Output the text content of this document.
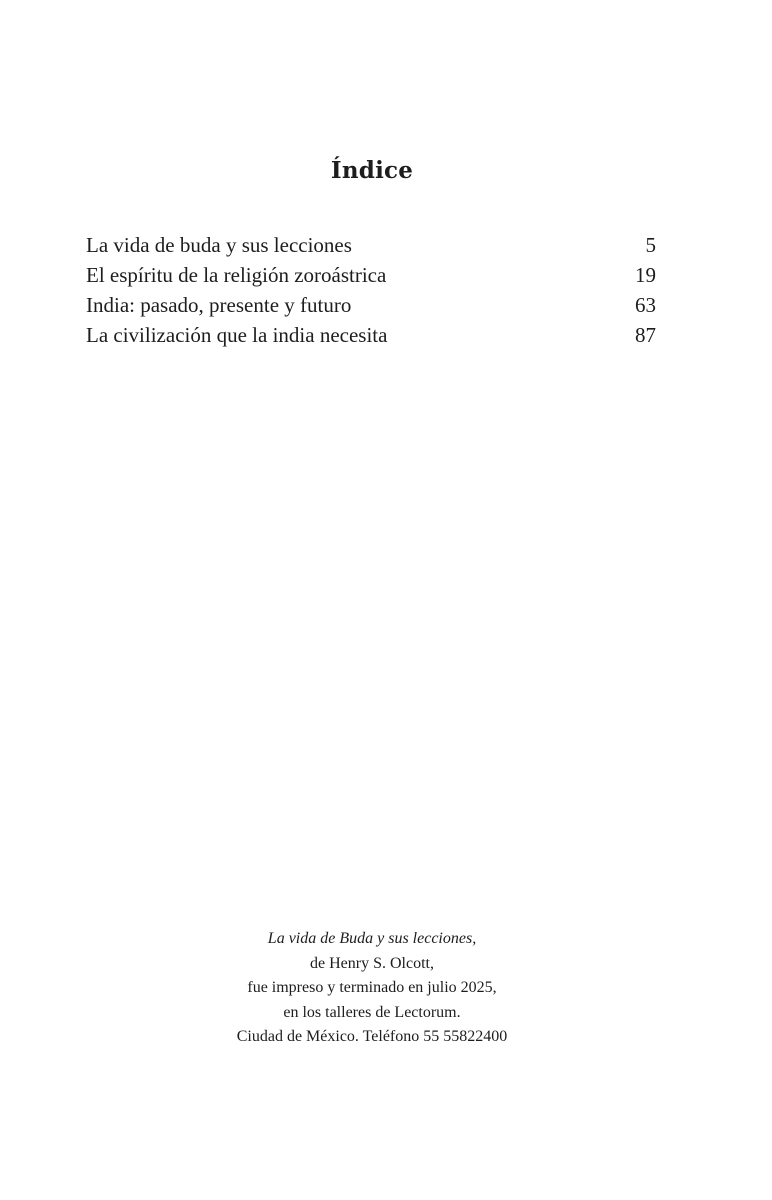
Índice
La vida de buda y sus lecciones	5
El espíritu de la religión zoroástrica	19
India: pasado, presente y futuro	63
La civilización que la india necesita	87
La vida de Buda y sus lecciones,
de Henry S. Olcott,
fue impreso y terminado en julio 2025,
en los talleres de Lectorum.
Ciudad de México. Teléfono 55 55822400
